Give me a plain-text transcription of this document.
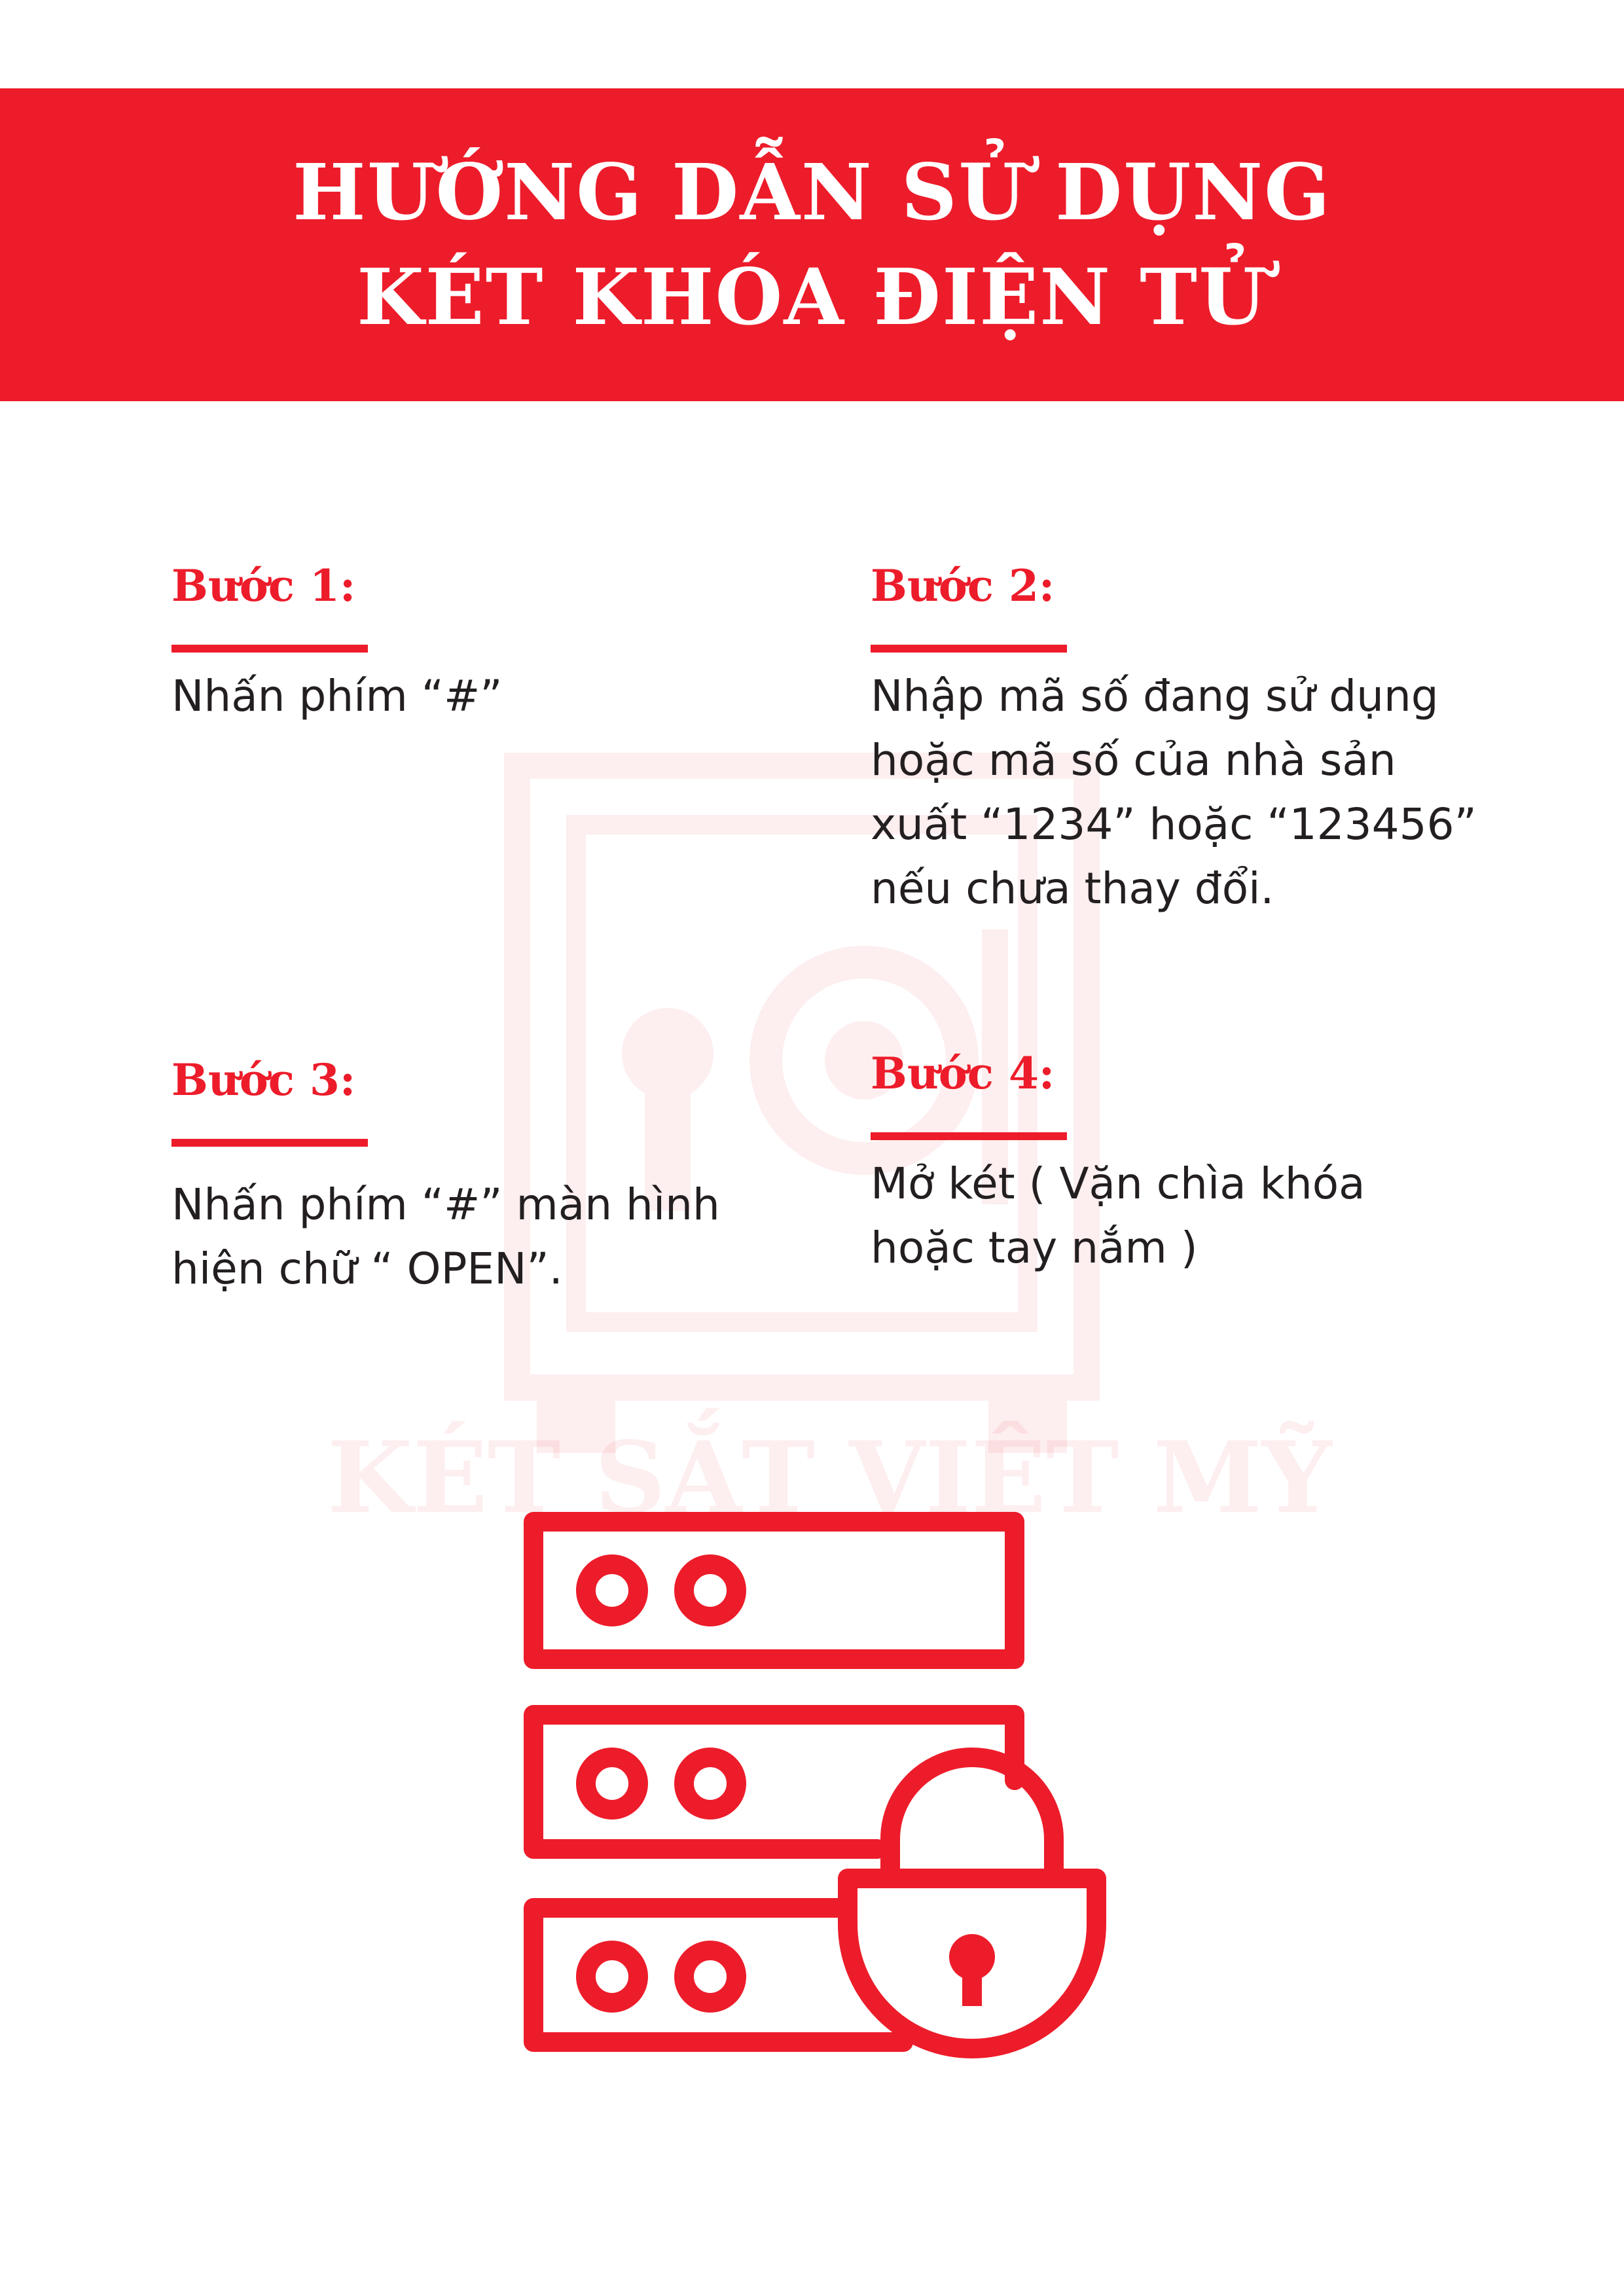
HƯỚNG DẪN SỬ DỤNG
KÉT KHÓA ĐIỆN TỬ
KÉT SẮT VIỆT MỸ
Bước 1:
Nhấn phím “#”
Bước 2:
Nhập mã số đang sử dụng hoặc mã số của nhà sản xuất “1234” hoặc “123456” nếu chưa thay đổi.
Bước 3:
Nhấn phím “#” màn hình hiện chữ “ OPEN”.
Bước 4:
Mở két ( Vặn chìa khóa hoặc tay nắm )
